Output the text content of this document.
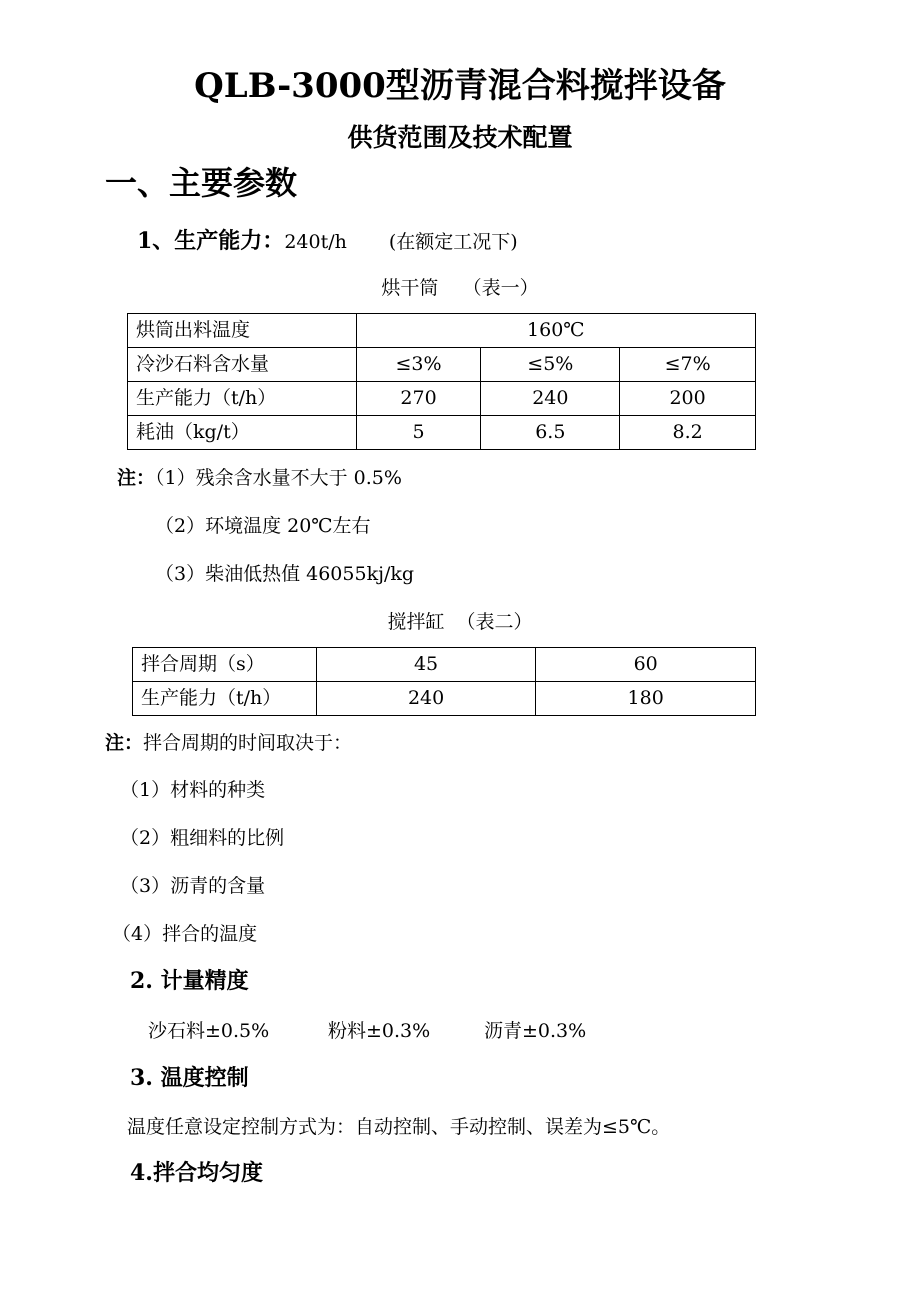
QLB-3000型沥青混合料搅拌设备
供货范围及技术配置
一、主要参数
1、生产能力：240t/h (在额定工况下)
烘干筒    （表一）
烘筒出料温度	160℃		
冷沙石料含水量	≤3%	≤5%	≤7%
生产能力（t/h）	270	240	200
耗油（kg/t）	5	6.5	8.2
注：（1）残余含水量不大于 0.5%
（2）环境温度 20℃左右
（3）柴油低热值 46055kj/kg
搅拌缸  （表二）
拌合周期（s）	45	60
生产能力（t/h）	240	180
注：拌合周期的时间取决于：
（1）材料的种类
（2）粗细料的比例
（3）沥青的含量
（4）拌合的温度
2. 计量精度
沙石料±0.5%	粉料±0.3%	沥青±0.3%
3. 温度控制
温度任意设定控制方式为：自动控制、手动控制、误差为≤5℃。
4.拌合均匀度
